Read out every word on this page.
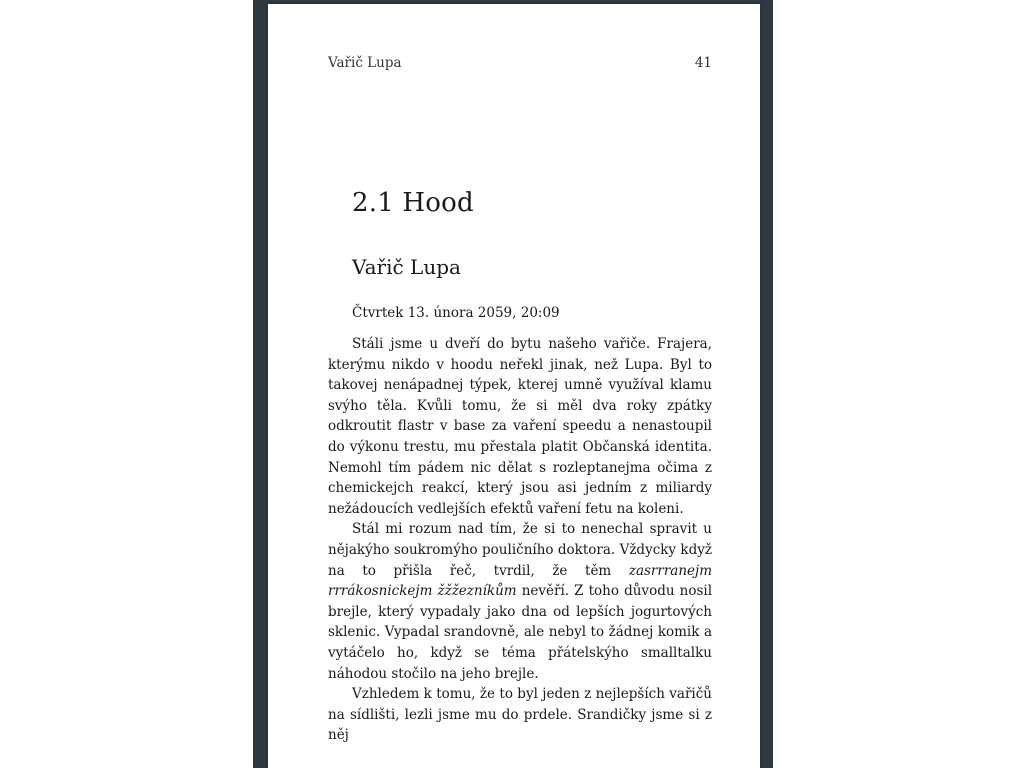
Vařič Lupa	41
2.1 Hood
Vařič Lupa
Čtvrtek 13. února 2059, 20:09

Stáli jsme u dveří do bytu našeho vařiče. Frajera, kterýmu nikdo v hoodu neřekl jinak, než Lupa. Byl to takovej nenápadnej týpek, kterej umně využíval klamu svýho těla. Kvůli tomu, že si měl dva roky zpátky odkroutit flastr v base za vaření speedu a nenastoupil do výkonu trestu, mu přestala platit Občanská identita. Nemohl tím pádem nic dělat s rozleptanejma očima z chemickejch reakcí, který jsou asi jedním z miliardy nežádoucích vedlejších efektů vaření fetu na koleni.

Stál mi rozum nad tím, že si to nenechal spravit u nějakýho soukromýho pouličního doktora. Vždycky když na to přišla řeč, tvrdil, že těm zasrrranejm rrrákosnickejm žžžezníkům nevěří. Z toho důvodu nosil brejle, který vypadaly jako dna od lepších jogurtových sklenic. Vypadal srandovně, ale nebyl to žádnej komik a vytáčelo ho, když se téma přátelskýho smalltalku náhodou stočilo na jeho brejle.

Vzhledem k tomu, že to byl jeden z nejlepších vařičů na sídlišti, lezli jsme mu do prdele. Srandičky jsme si z něj
